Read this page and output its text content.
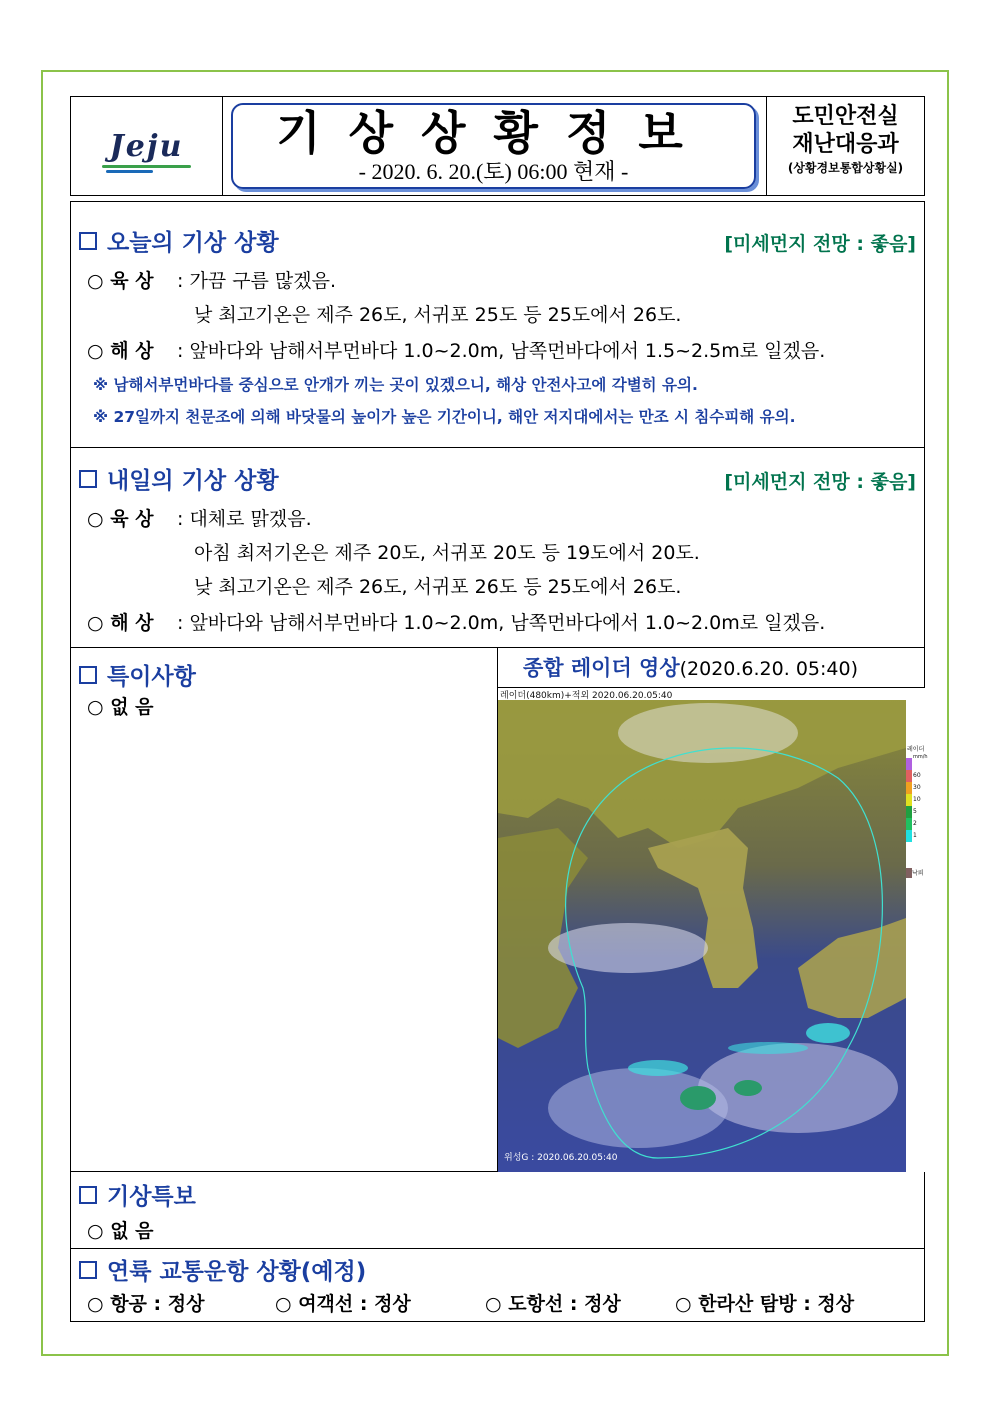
Jeju	기상상황정보
- 2020. 6. 20.(토) 06:00 현재 -
도민안전실
재난대응과
(상황경보통합상황실)
오늘의 기상 상황	[미세먼지 전망 : 좋음]
○ 육 상 : 가끔 구름 많겠음.
낮 최고기온은 제주 26도, 서귀포 25도 등 25도에서 26도.
○ 해 상 : 앞바다와 남해서부먼바다 1.0~2.0m, 남쪽먼바다에서 1.5~2.5m로 일겠음.
※ 남해서부먼바다를 중심으로 안개가 끼는 곳이 있겠으니, 해상 안전사고에 각별히 유의.
※ 27일까지 천문조에 의해 바닷물의 높이가 높은 기간이니, 해안 저지대에서는 만조 시 침수피해 유의.
내일의 기상 상황	[미세먼지 전망 : 좋음]
○ 육 상 : 대체로 맑겠음.
아침 최저기온은 제주 20도, 서귀포 20도 등 19도에서 20도.
낮 최고기온은 제주 26도, 서귀포 26도 등 25도에서 26도.
○ 해 상 : 앞바다와 남해서부먼바다 1.0~2.0m, 남쪽먼바다에서 1.0~2.0m로 일겠음.
특이사항
○ 없 음
종합 레이더 영상(2020.6.20. 05:40)
레이더(480km)+적외 2020.06.20.05:40
위성G : 2020.06.20.05:40
레이더
mm/h
60
30
10
5
2
1
낙뢰
기상특보
○ 없 음
연륙 교통운항 상황(예정)
○ 항공 : 정상	○ 여객선 : 정상	○ 도항선 : 정상	○ 한라산 탐방 : 정상
